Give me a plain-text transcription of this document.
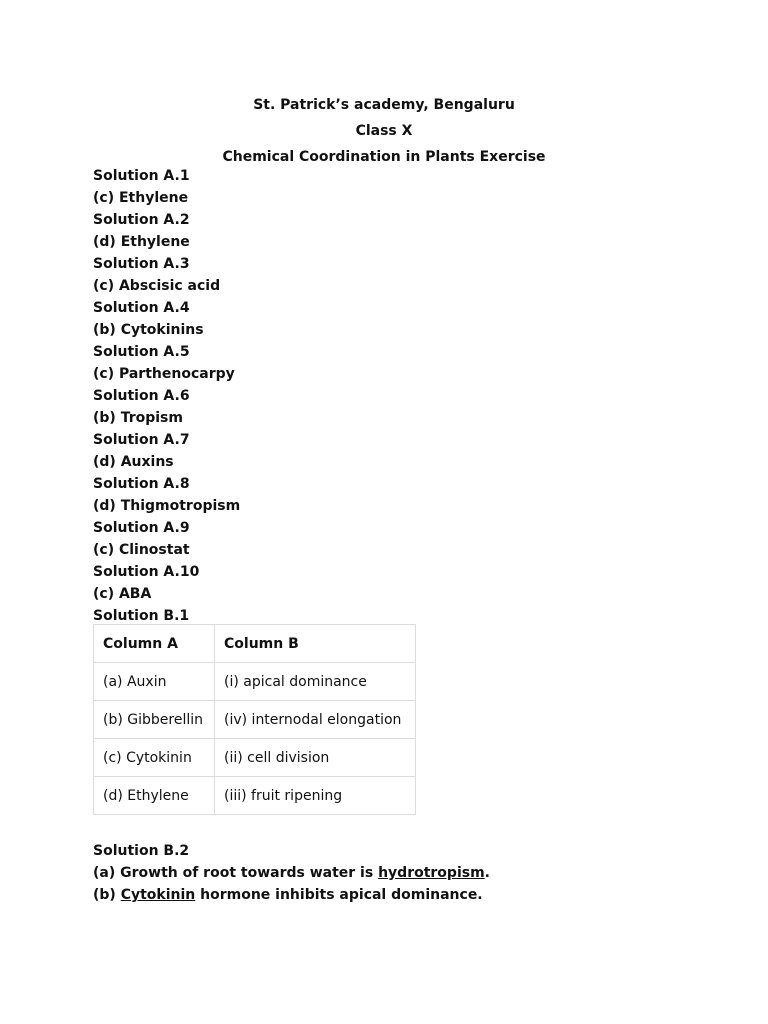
St. Patrick’s academy, Bengaluru
Class X
Chemical Coordination in Plants Exercise
Solution A.1
(c) Ethylene
Solution A.2
(d) Ethylene
Solution A.3
(c) Abscisic acid
Solution A.4
(b) Cytokinins
Solution A.5
(c) Parthenocarpy
Solution A.6
(b) Tropism
Solution A.7
(d) Auxins
Solution A.8
(d) Thigmotropism
Solution A.9
(c) Clinostat
Solution A.10
(c) ABA
Solution B.1
Column A	Column B
(a) Auxin	(i) apical dominance
(b) Gibberellin	(iv) internodal elongation
(c) Cytokinin	(ii) cell division
(d) Ethylene	(iii) fruit ripening
Solution B.2
(a) Growth of root towards water is hydrotropism.
(b) Cytokinin hormone inhibits apical dominance.
